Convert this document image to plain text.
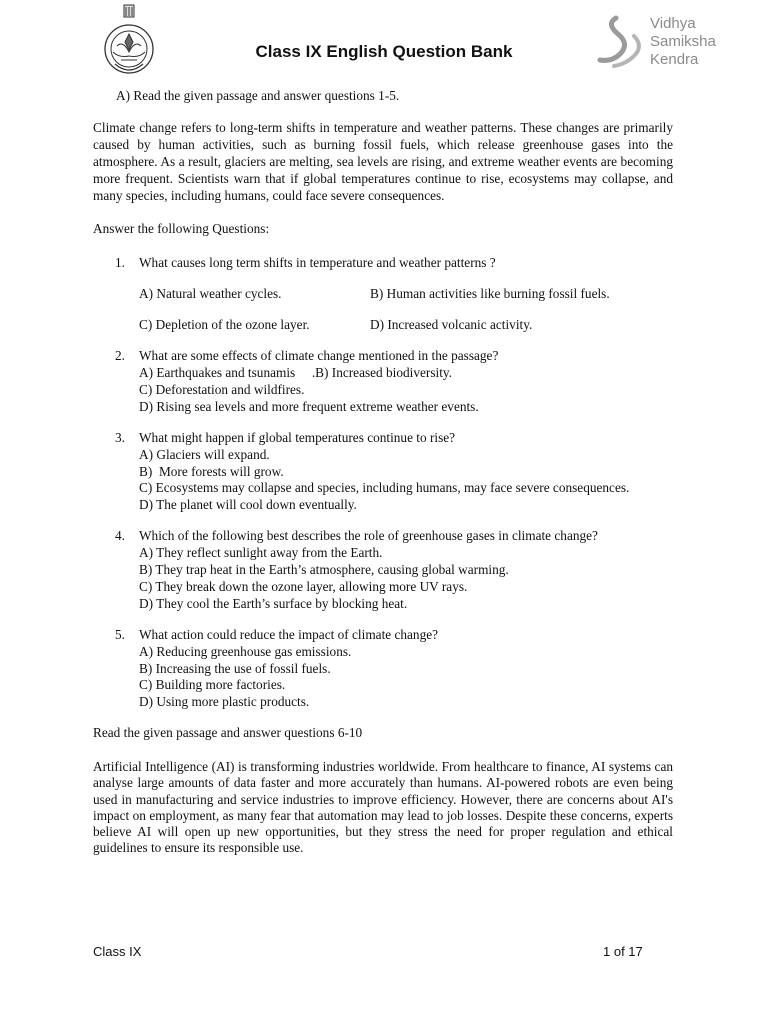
Class IX English Question Bank
Vidhya
Samiksha
Kendra
A) Read the given passage and answer questions 1-5.
Climate change refers to long-term shifts in temperature and weather patterns. These changes are primarily caused by human activities, such as burning fossil fuels, which release greenhouse gases into the atmosphere. As a result, glaciers are melting, sea levels are rising, and extreme weather events are becoming more frequent. Scientists warn that if global temperatures continue to rise, ecosystems may collapse, and many species, including humans, could face severe consequences.
Answer the following Questions:
1.	What causes long term shifts in temperature and weather patterns ?
A) Natural weather cycles.	B) Human activities like burning fossil fuels.
C) Depletion of the ozone layer.	D) Increased volcanic activity.
2.	What are some effects of climate change mentioned in the passage?
A) Earthquakes and tsunamis     .B) Increased biodiversity.
C) Deforestation and wildfires.
D) Rising sea levels and more frequent extreme weather events.
3.	What might happen if global temperatures continue to rise?
A) Glaciers will expand.
B)  More forests will grow.
C) Ecosystems may collapse and species, including humans, may face severe consequences.
D) The planet will cool down eventually.
4.	Which of the following best describes the role of greenhouse gases in climate change?
A) They reflect sunlight away from the Earth.
B) They trap heat in the Earth’s atmosphere, causing global warming.
C) They break down the ozone layer, allowing more UV rays.
D) They cool the Earth’s surface by blocking heat.
5.	What action could reduce the impact of climate change?
A) Reducing greenhouse gas emissions.
B) Increasing the use of fossil fuels.
C) Building more factories.
D) Using more plastic products.
Read the given passage and answer questions 6-10
Artificial Intelligence (AI) is transforming industries worldwide. From healthcare to finance, AI systems can analyse large amounts of data faster and more accurately than humans. AI-powered robots are even being used in manufacturing and service industries to improve efficiency. However, there are concerns about AI's impact on employment, as many fear that automation may lead to job losses. Despite these concerns, experts believe AI will open up new opportunities, but they stress the need for proper regulation and ethical guidelines to ensure its responsible use.
Class IX	1 of 17
